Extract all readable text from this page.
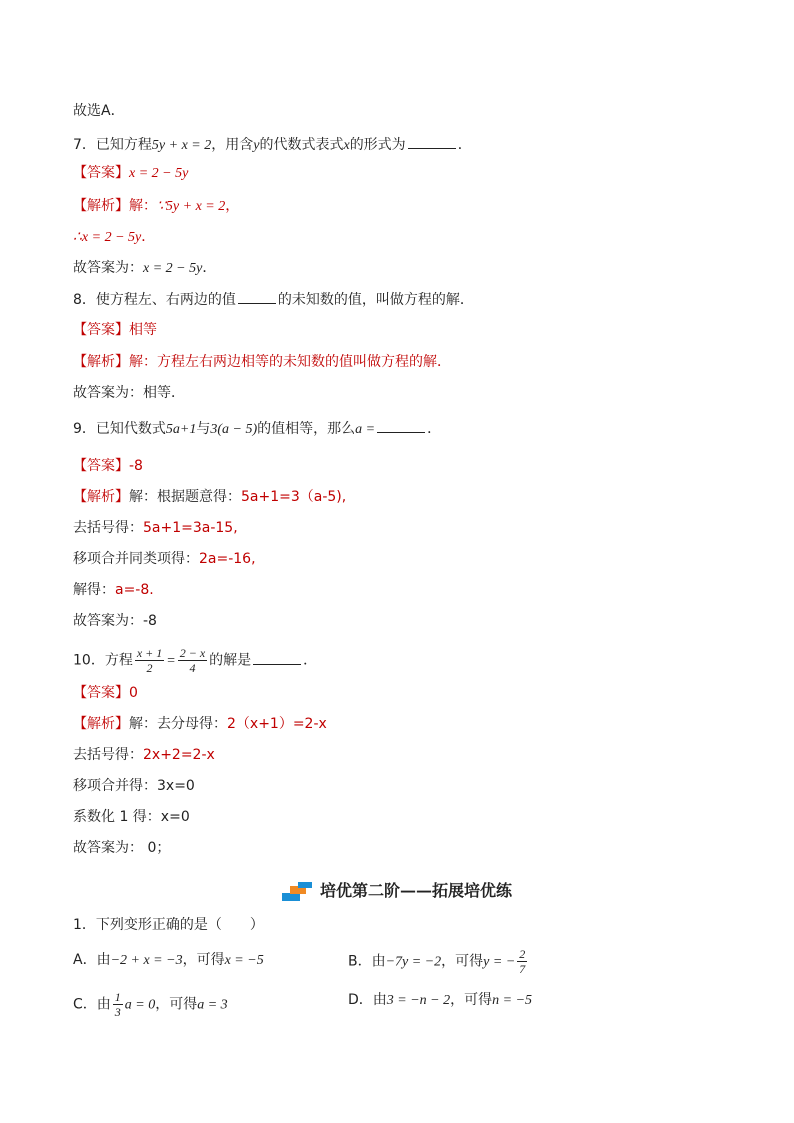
故选A．
7．已知方程5y + x = 2，用含y的代数式表式x的形式为	．
【答案】x = 2 − 5y
【解析】解：∵5y + x = 2，
∴x = 2 − 5y．
故答案为：x = 2 − 5y．
8．使方程左、右两边的值	的未知数的值，叫做方程的解．
【答案】相等
【解析】解：方程左右两边相等的未知数的值叫做方程的解．
故答案为：相等．
9．已知代数式5a+1与3(a − 5)的值相等，那么a =	．
【答案】-8
【解析】解：根据题意得：5a+1=3（a-5),
去括号得：5a+1=3a-15,
移项合并同类项得：2a=-16,
解得：a=-8.
故答案为：-8
10．方程 $\frac{x + 1}{2} = \frac{2 - x}{4}$ 的解是	．
【答案】0
【解析】解：去分母得：2（x+1）=2-x
去括号得：2x+2=2-x
移项合并得：3x=0
系数化 1 得：x=0
故答案为： 0；
培优第二阶——拓展培优练
1．下列变形正确的是（　　）
A．由−2 + x = −3，可得x = −5	B．由−7y = −2，可得y = − $\frac{2}{7}$
C．由 $\frac{1}{3}$ a = 0，可得a = 3	D．由3 = −n − 2，可得n = −5
